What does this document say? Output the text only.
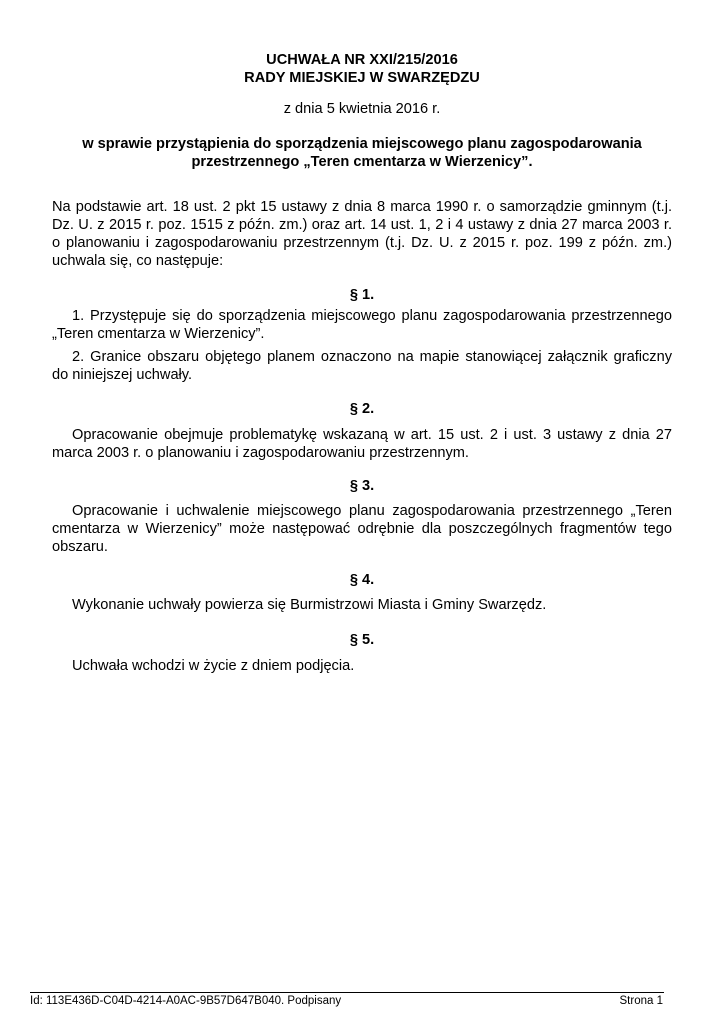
UCHWAŁA NR XXI/215/2016
RADY MIEJSKIEJ W SWARZĘDZU
z dnia 5 kwietnia 2016 r.
w sprawie przystąpienia do sporządzenia miejscowego planu zagospodarowania
przestrzennego „Teren cmentarza w Wierzenicy”.
Na podstawie art. 18 ust. 2 pkt 15 ustawy z dnia 8 marca 1990 r. o samorządzie gminnym (t.j. Dz. U. z 2015 r. poz. 1515 z późn. zm.) oraz art. 14 ust. 1, 2 i 4 ustawy z dnia 27 marca 2003 r. o planowaniu i zagospodarowaniu przestrzennym (t.j. Dz. U. z 2015 r. poz. 199 z późn. zm.) uchwala się, co następuje:
§ 1.
1. Przystępuje się do sporządzenia miejscowego planu zagospodarowania przestrzennego „Teren cmentarza w Wierzenicy”.
2. Granice obszaru objętego planem oznaczono na mapie stanowiącej załącznik graficzny do niniejszej uchwały.
§ 2.
Opracowanie obejmuje problematykę wskazaną w art. 15 ust. 2 i ust. 3 ustawy z dnia 27 marca 2003 r. o planowaniu i zagospodarowaniu przestrzennym.
§ 3.
Opracowanie i uchwalenie miejscowego planu zagospodarowania przestrzennego „Teren cmentarza w Wierzenicy” może następować odrębnie dla poszczególnych fragmentów tego obszaru.
§ 4.
Wykonanie uchwały powierza się Burmistrzowi Miasta i Gminy Swarzędz.
§ 5.
Uchwała wchodzi w życie z dniem podjęcia.
Id: 113E436D-C04D-4214-A0AC-9B57D647B040. Podpisany	Strona 1
